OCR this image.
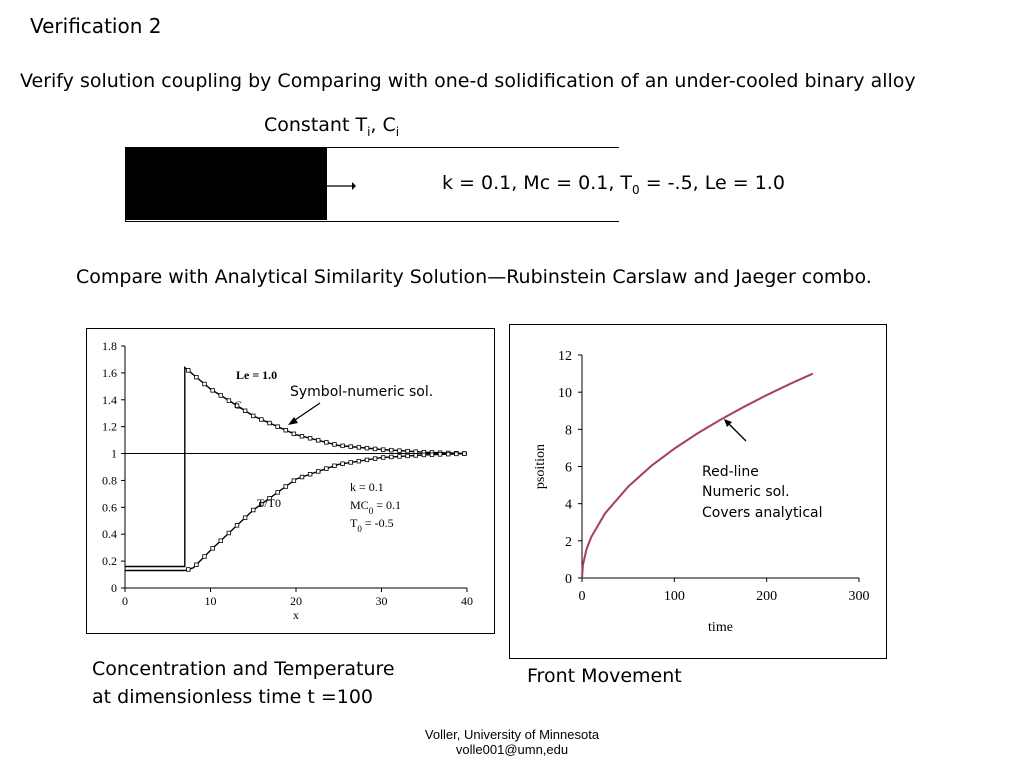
Verification 2
Verify solution coupling by Comparing with one-d solidification of an under-cooled binary alloy
Constant $T_i$, $C_i$
k = 0.1, Mc = 0.1, $T_0 = -.5$, Le = 1.0
Compare with Analytical Similarity Solution—Rubinstein Carslaw and Jaeger combo.
0
0.2
0.4
0.6
0.8
1
1.2
1.4
1.6
1.8
0	10	20	30	40
x
Le = 1.0
Symbol-numeric sol.
C
T/T0
k = 0.1
$MC_0 = 0.1$
$T_0 = -0.5$
0
2
4
6
8
10
12
0	100	200	300
time
psoition	Red-line
Numeric sol.
Covers analytical
Concentration and Temperature
at dimensionless time t =100
Front Movement
Voller, University of Minnesota
volle001@umn,edu
